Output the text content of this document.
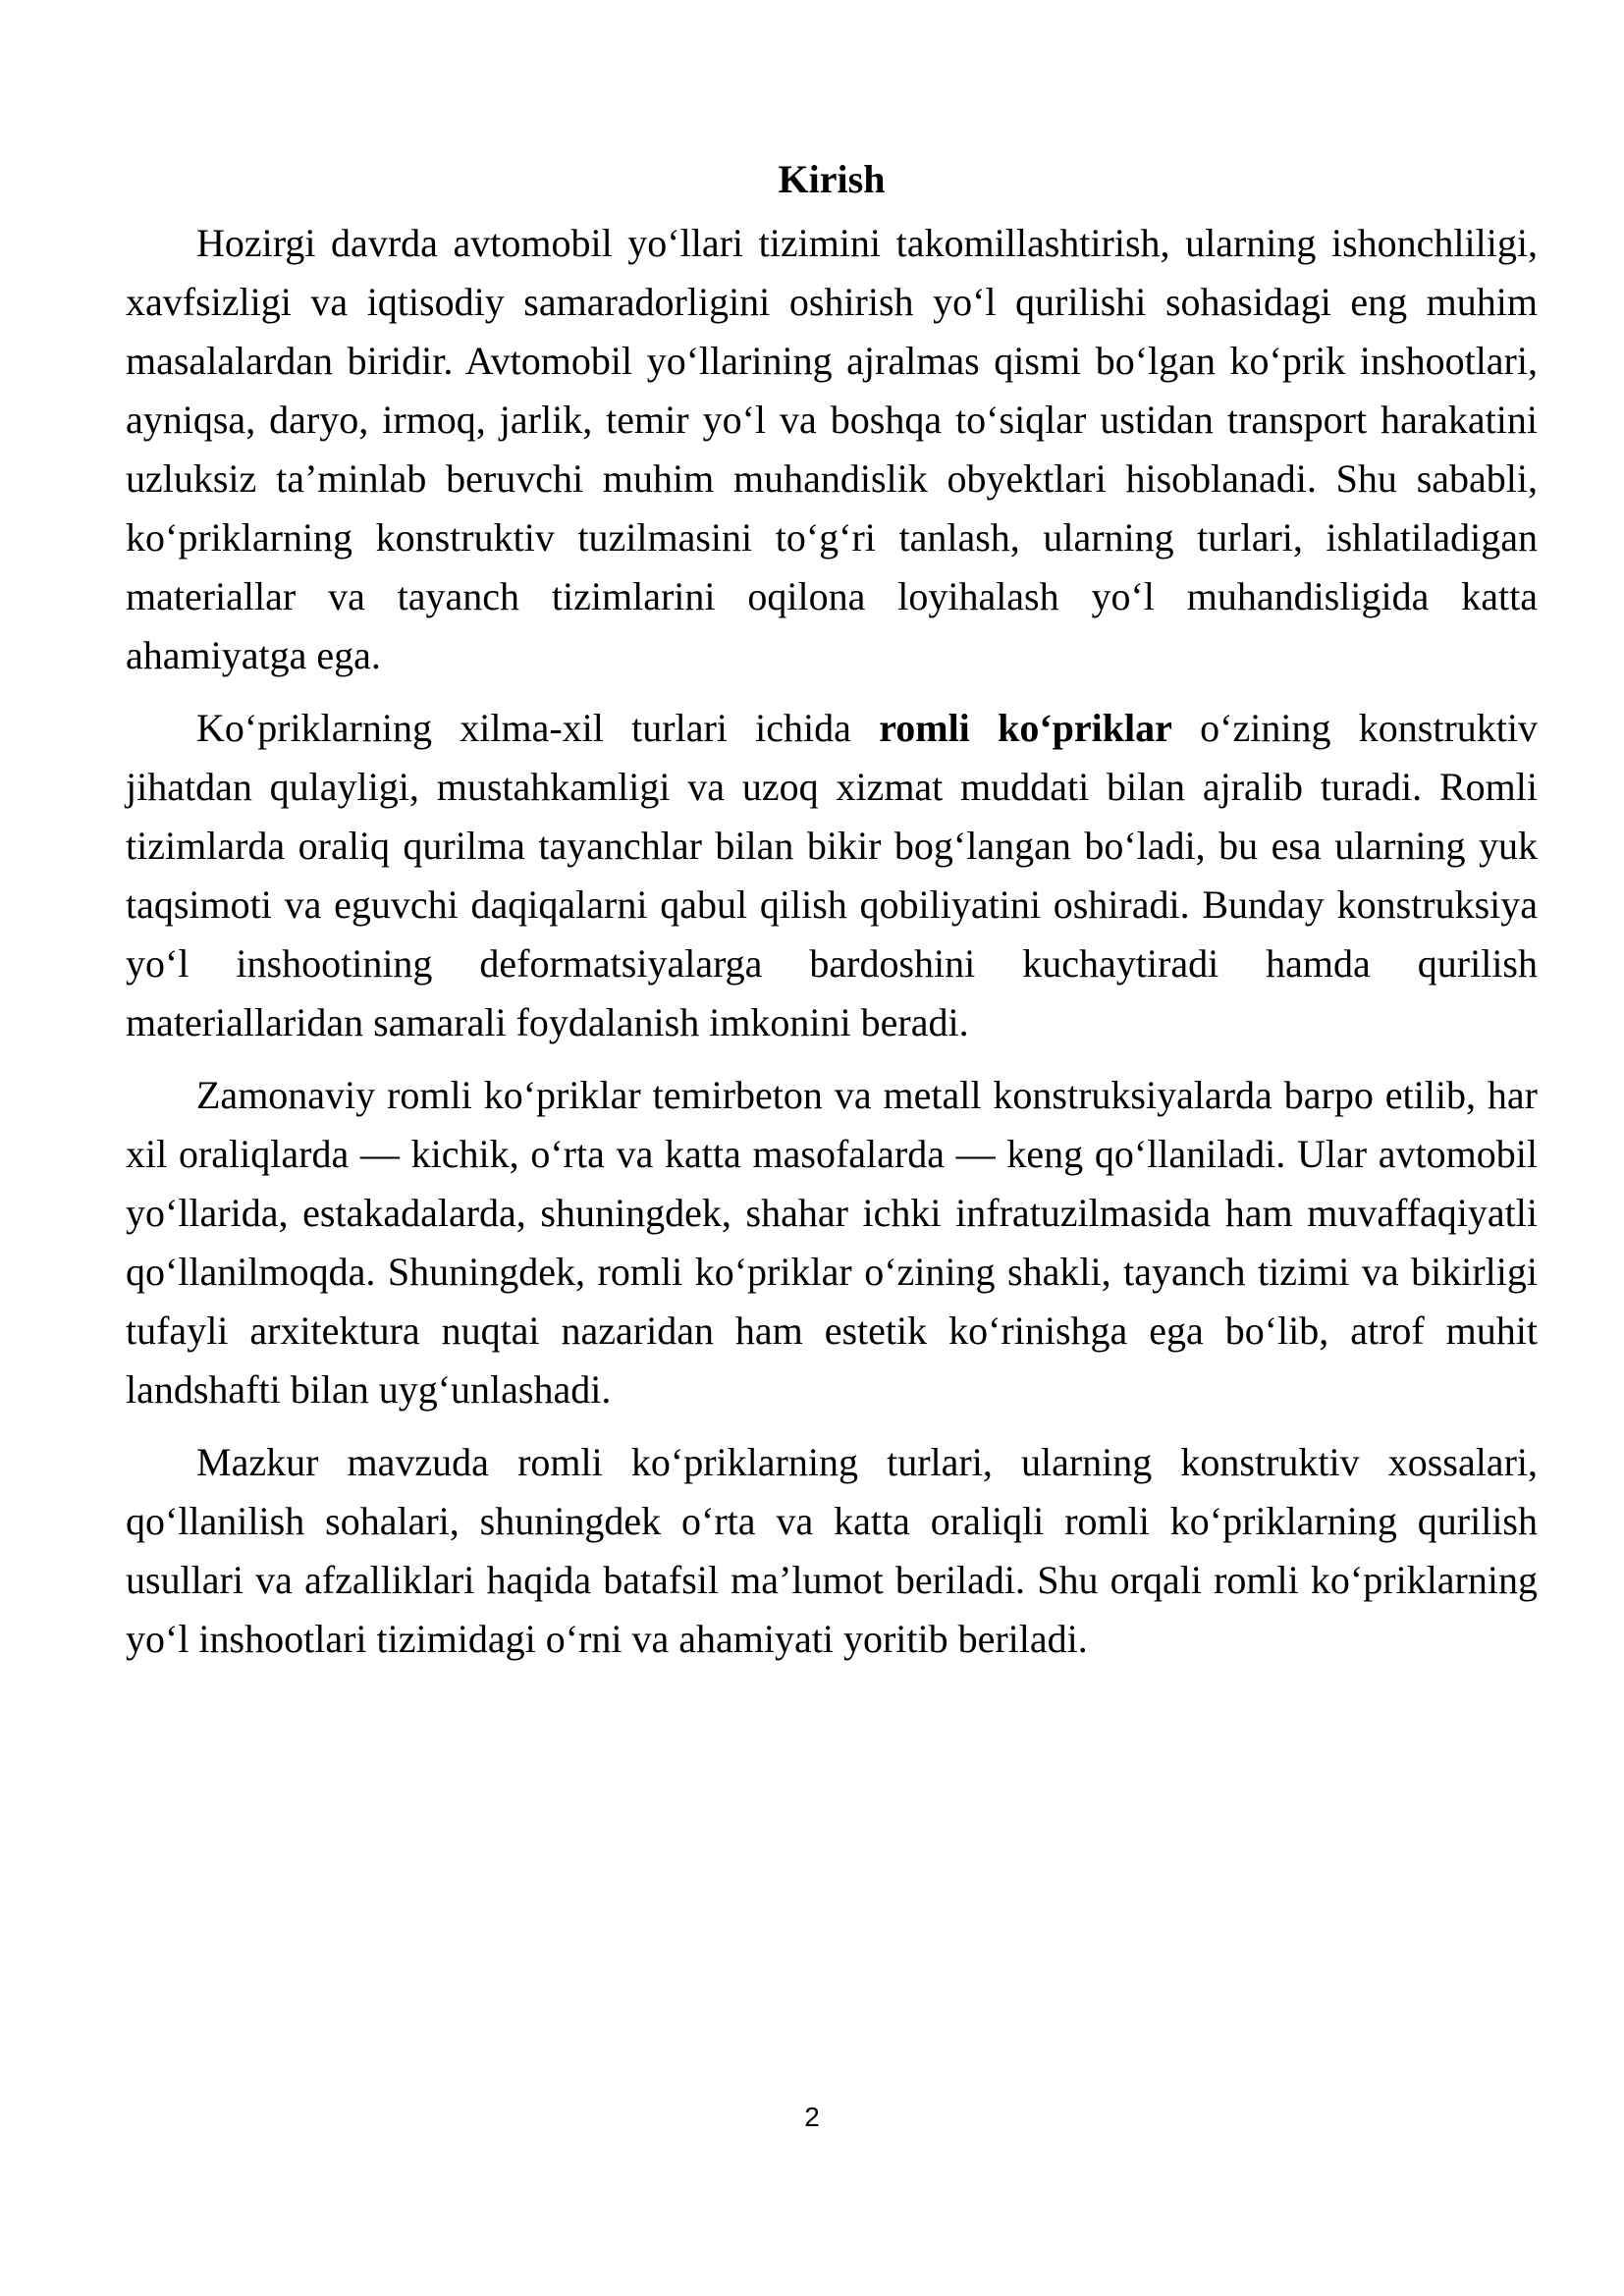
Kirish

Hozirgi davrda avtomobil yo‘llari tizimini takomillashtirish, ularning ishonchliligi, xavfsizligi va iqtisodiy samaradorligini oshirish yo‘l qurilishi sohasidagi eng muhim masalalardan biridir. Avtomobil yo‘llarining ajralmas qismi bo‘lgan ko‘prik inshootlari, ayniqsa, daryo, irmoq, jarlik, temir yo‘l va boshqa to‘siqlar ustidan transport harakatini uzluksiz ta’minlab beruvchi muhim muhandislik obyektlari hisoblanadi. Shu sababli, ko‘priklarning konstruktiv tuzilmasini to‘g‘ri tanlash, ularning turlari, ishlatiladigan materiallar va tayanch tizimlarini oqilona loyihalash yo‘l muhandisligida katta ahamiyatga ega.

Ko‘priklarning xilma-xil turlari ichida romli ko‘priklar o‘zining konstruktiv jihatdan qulayligi, mustahkamligi va uzoq xizmat muddati bilan ajralib turadi. Romli tizimlarda oraliq qurilma tayanchlar bilan bikir bog‘langan bo‘ladi, bu esa ularning yuk taqsimoti va eguvchi daqiqalarni qabul qilish qobiliyatini oshiradi. Bunday konstruksiya yo‘l inshootining deformatsiyalarga bardoshini kuchaytiradi hamda qurilish materiallaridan samarali foydalanish imkonini beradi.

Zamonaviy romli ko‘priklar temirbeton va metall konstruksiyalarda barpo etilib, har xil oraliqlarda — kichik, o‘rta va katta masofalarda — keng qo‘llaniladi. Ular avtomobil yo‘llarida, estakadalarda, shuningdek, shahar ichki infratuzilmasida ham muvaffaqiyatli qo‘llanilmoqda. Shuningdek, romli ko‘priklar o‘zining shakli, tayanch tizimi va bikirligi tufayli arxitektura nuqtai nazaridan ham estetik ko‘rinishga ega bo‘lib, atrof muhit landshafti bilan uyg‘unlashadi.

Mazkur mavzuda romli ko‘priklarning turlari, ularning konstruktiv xossalari, qo‘llanilish sohalari, shuningdek o‘rta va katta oraliqli romli ko‘priklarning qurilish usullari va afzalliklari haqida batafsil ma’lumot beriladi. Shu orqali romli ko‘priklarning yo‘l inshootlari tizimidagi o‘rni va ahamiyati yoritib beriladi.

2
